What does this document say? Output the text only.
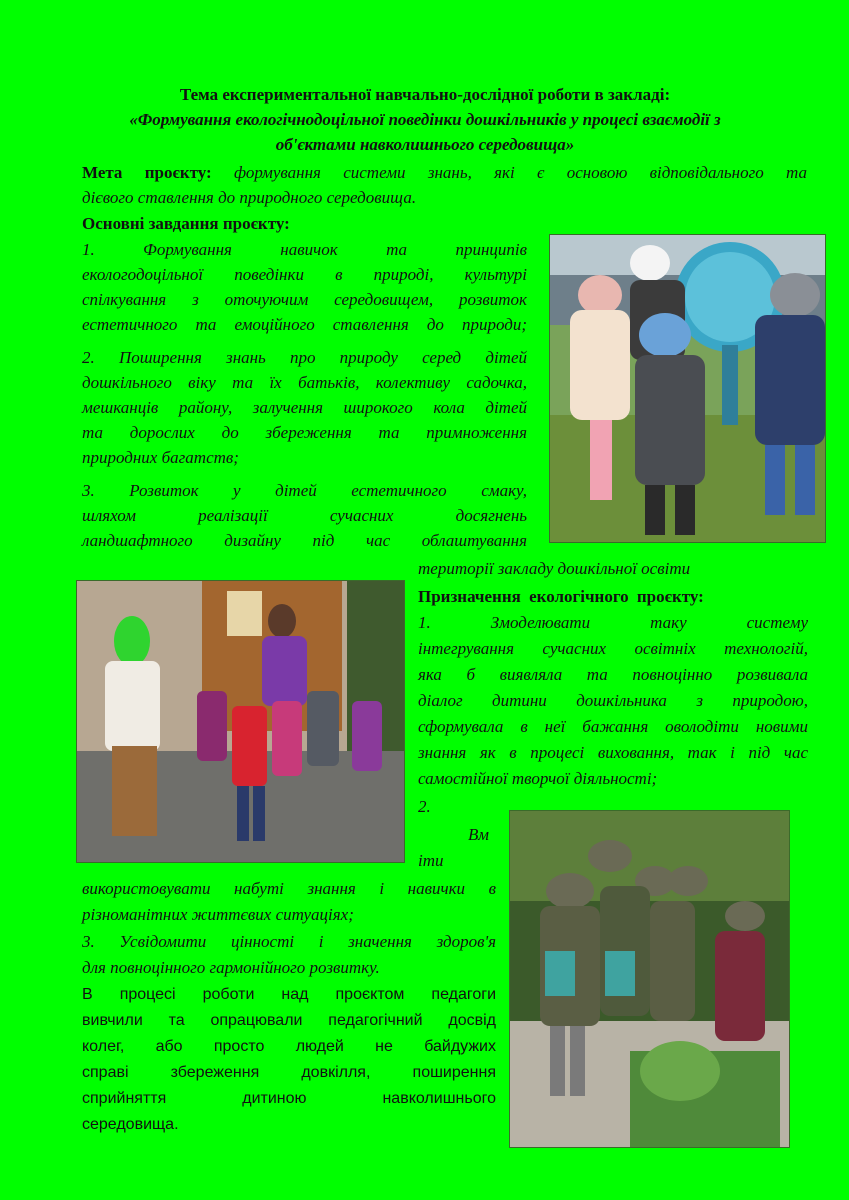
Тема експериментальної навчально-дослідної роботи в закладі:
«Формування екологічнодоцільної поведінки дошкільників у процесі взаємодії з
об'єктами навколишнього середовища»
Мета проєкту: формування системи знань, які є основою відповідального та
дієвого ставлення до природного середовища.
Основні завдання проєкту:
1. Формування навичок та принципів
екологодоцільної поведінки в природі, культурі
спілкування з оточуючим середовищем, розвиток
естетичного та емоційного ставлення до природи;
2. Поширення знань про природу серед дітей
дошкільного віку та їх батьків, колективу садочка,
мешканців району, залучення широкого кола дітей
та дорослих до збереження та примноження
природних багатств;
3. Розвиток у дітей естетичного смаку,
шляхом реалізації сучасних досягнень
ландшафтного дизайну під час облаштування
території закладу дошкільної освіти
Призначення екологічного проєкту:
1. Змоделювати таку систему
інтегрування сучасних освітніх технологій,
яка б виявляла та повноцінно розвивала
діалог дитини дошкільника з природою,
сформувала в неї бажання оволодіти новими
знання як в процесі виховання, так і під час
самостійної творчої діяльності;
2.
Вм
іти
використовувати набуті знання і навички в
різноманітних життєвих ситуаціях;
3. Усвідомити цінності і значення здоров'я
для повноцінного гармонійного розвитку.
В процесі роботи над проєктом педагоги
вивчили та опрацювали педагогічний досвід
колег, або просто людей не байдужих
справі збереження довкілля, поширення
сприйняття дитиною навколишнього
середовища.
